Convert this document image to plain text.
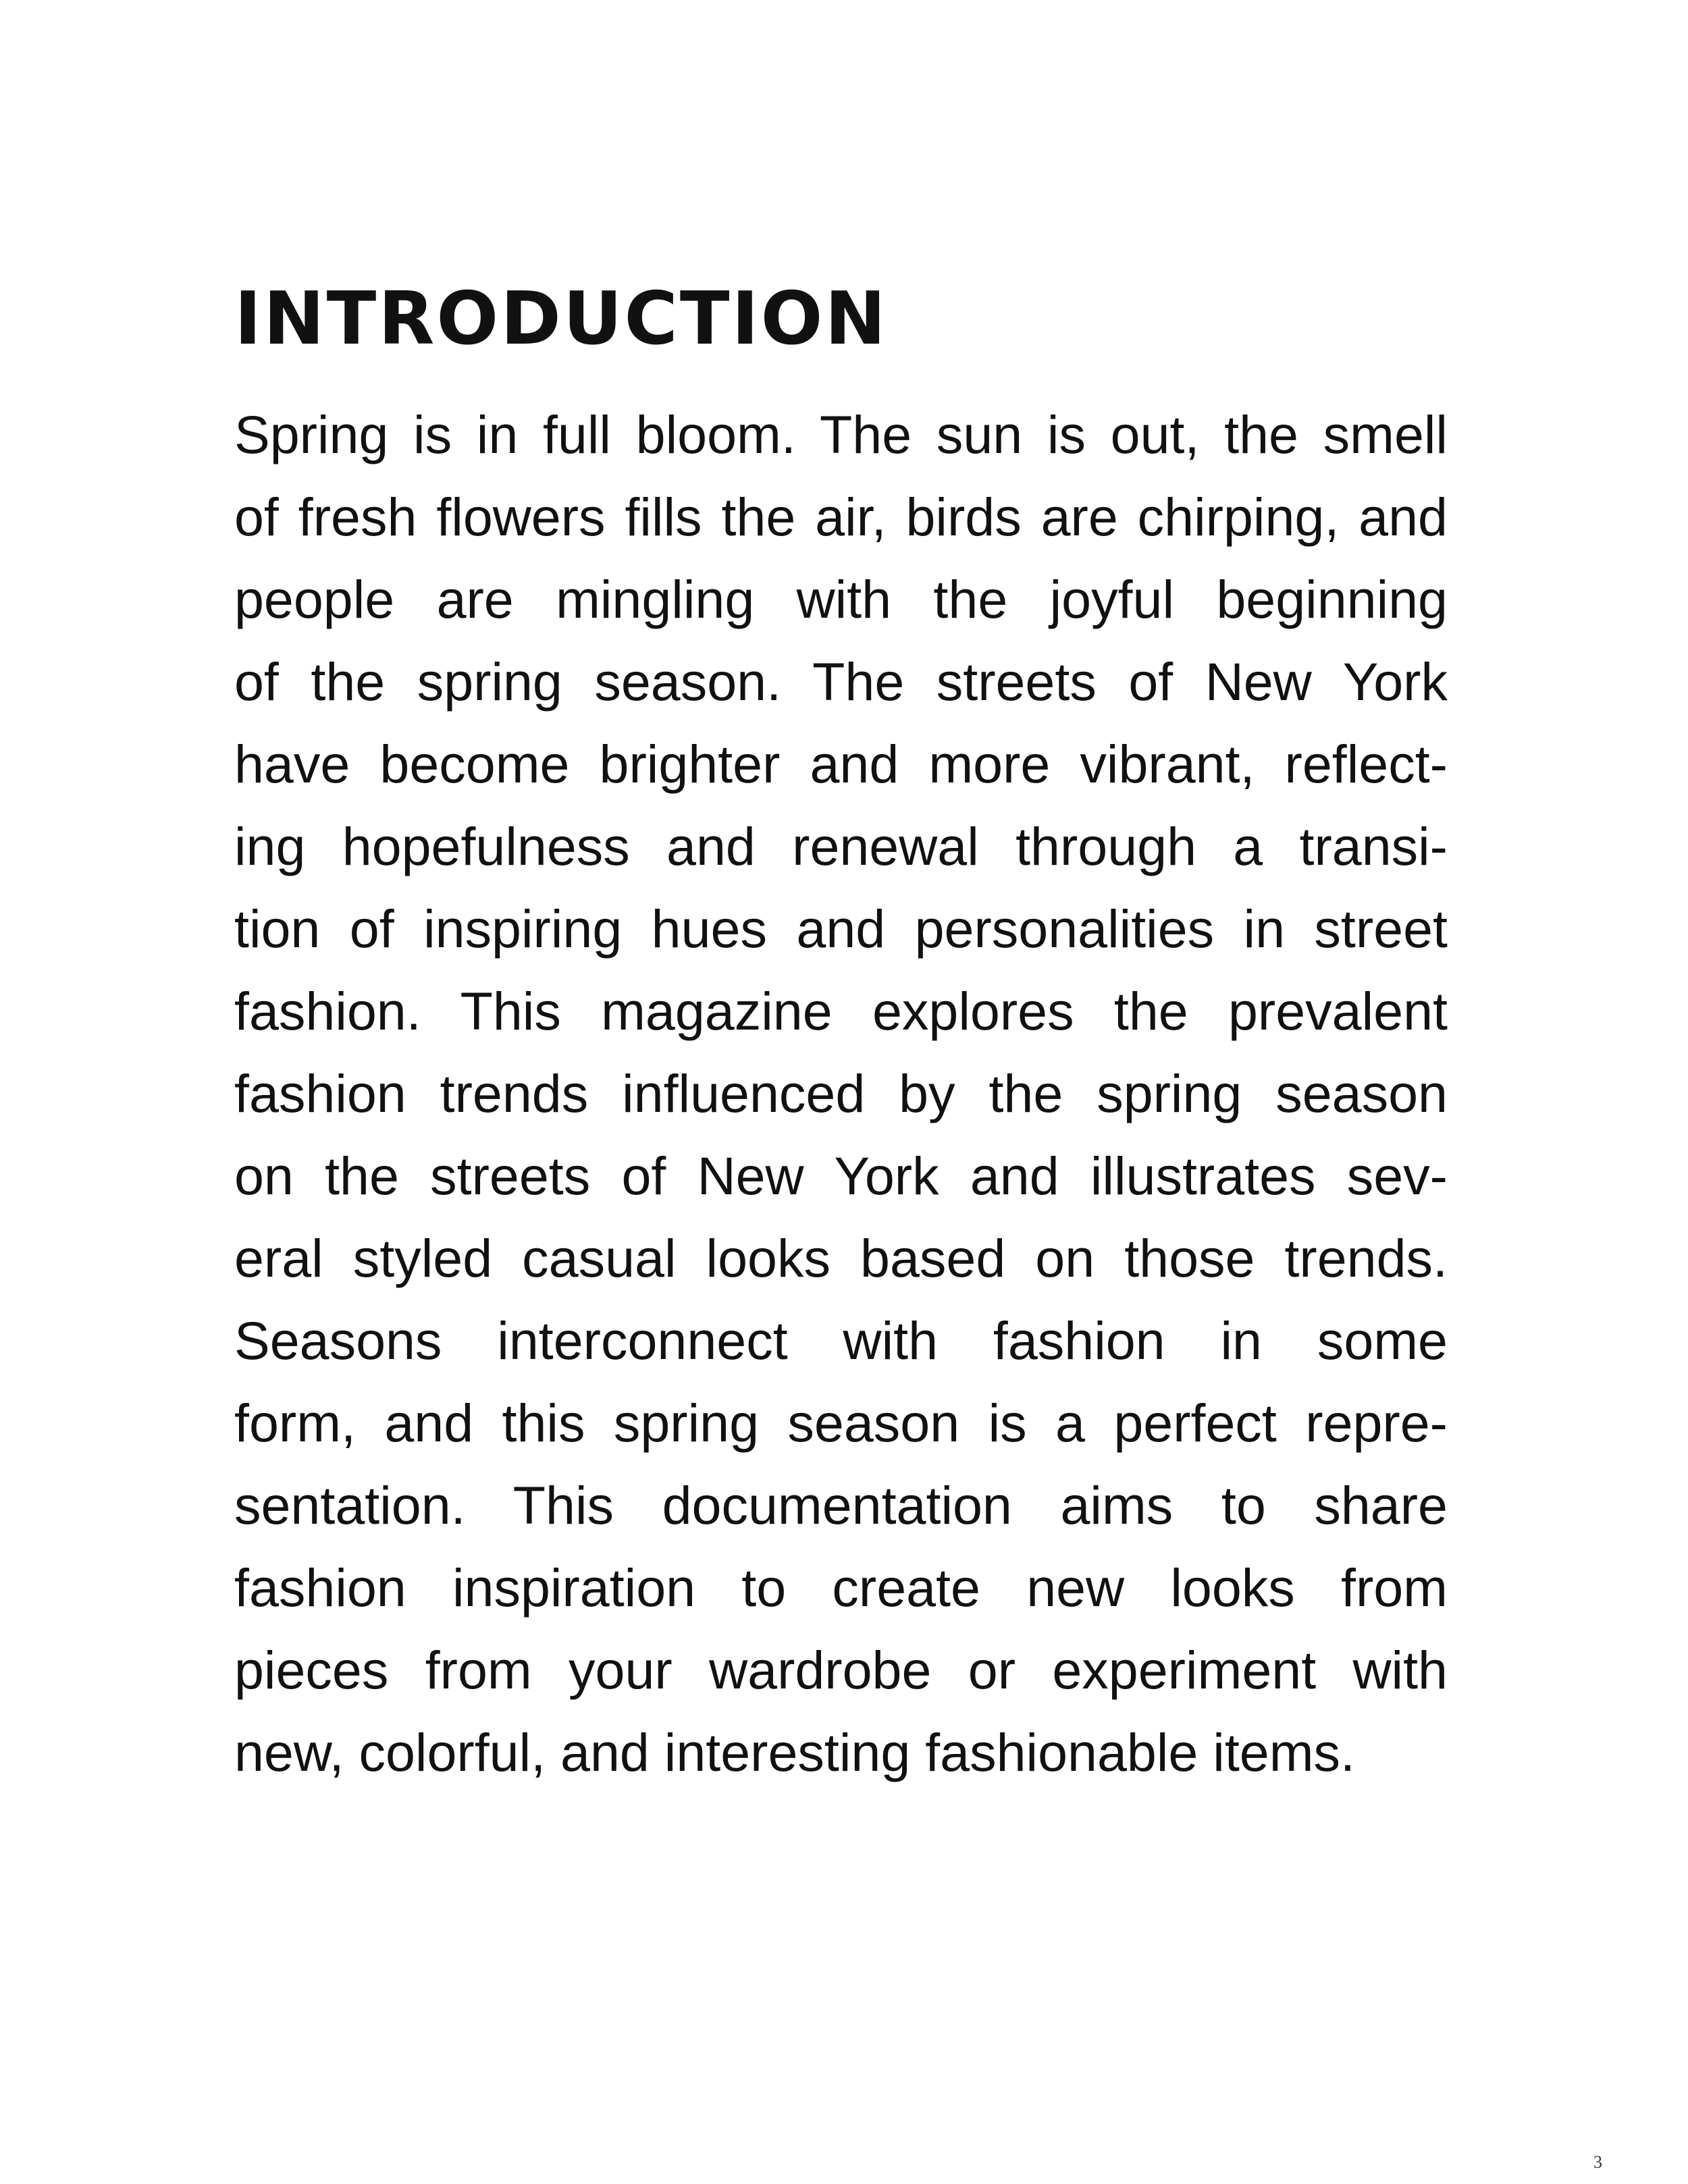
INTRODUCTION
Spring is in full bloom. The sun is out, the smell
of fresh flowers fills the air, birds are chirping, and
people are mingling with the joyful beginning
of the spring season. The streets of New York
have become brighter and more vibrant, reflect-
ing hopefulness and renewal through a transi-
tion of inspiring hues and personalities in street
fashion. This magazine explores the prevalent
fashion trends influenced by the spring season
on the streets of New York and illustrates sev-
eral styled casual looks based on those trends.
Seasons interconnect with fashion in some
form, and this spring season is a perfect repre-
sentation. This documentation aims to share
fashion inspiration to create new looks from
pieces from your wardrobe or experiment with
new, colorful, and interesting fashionable items.
3
